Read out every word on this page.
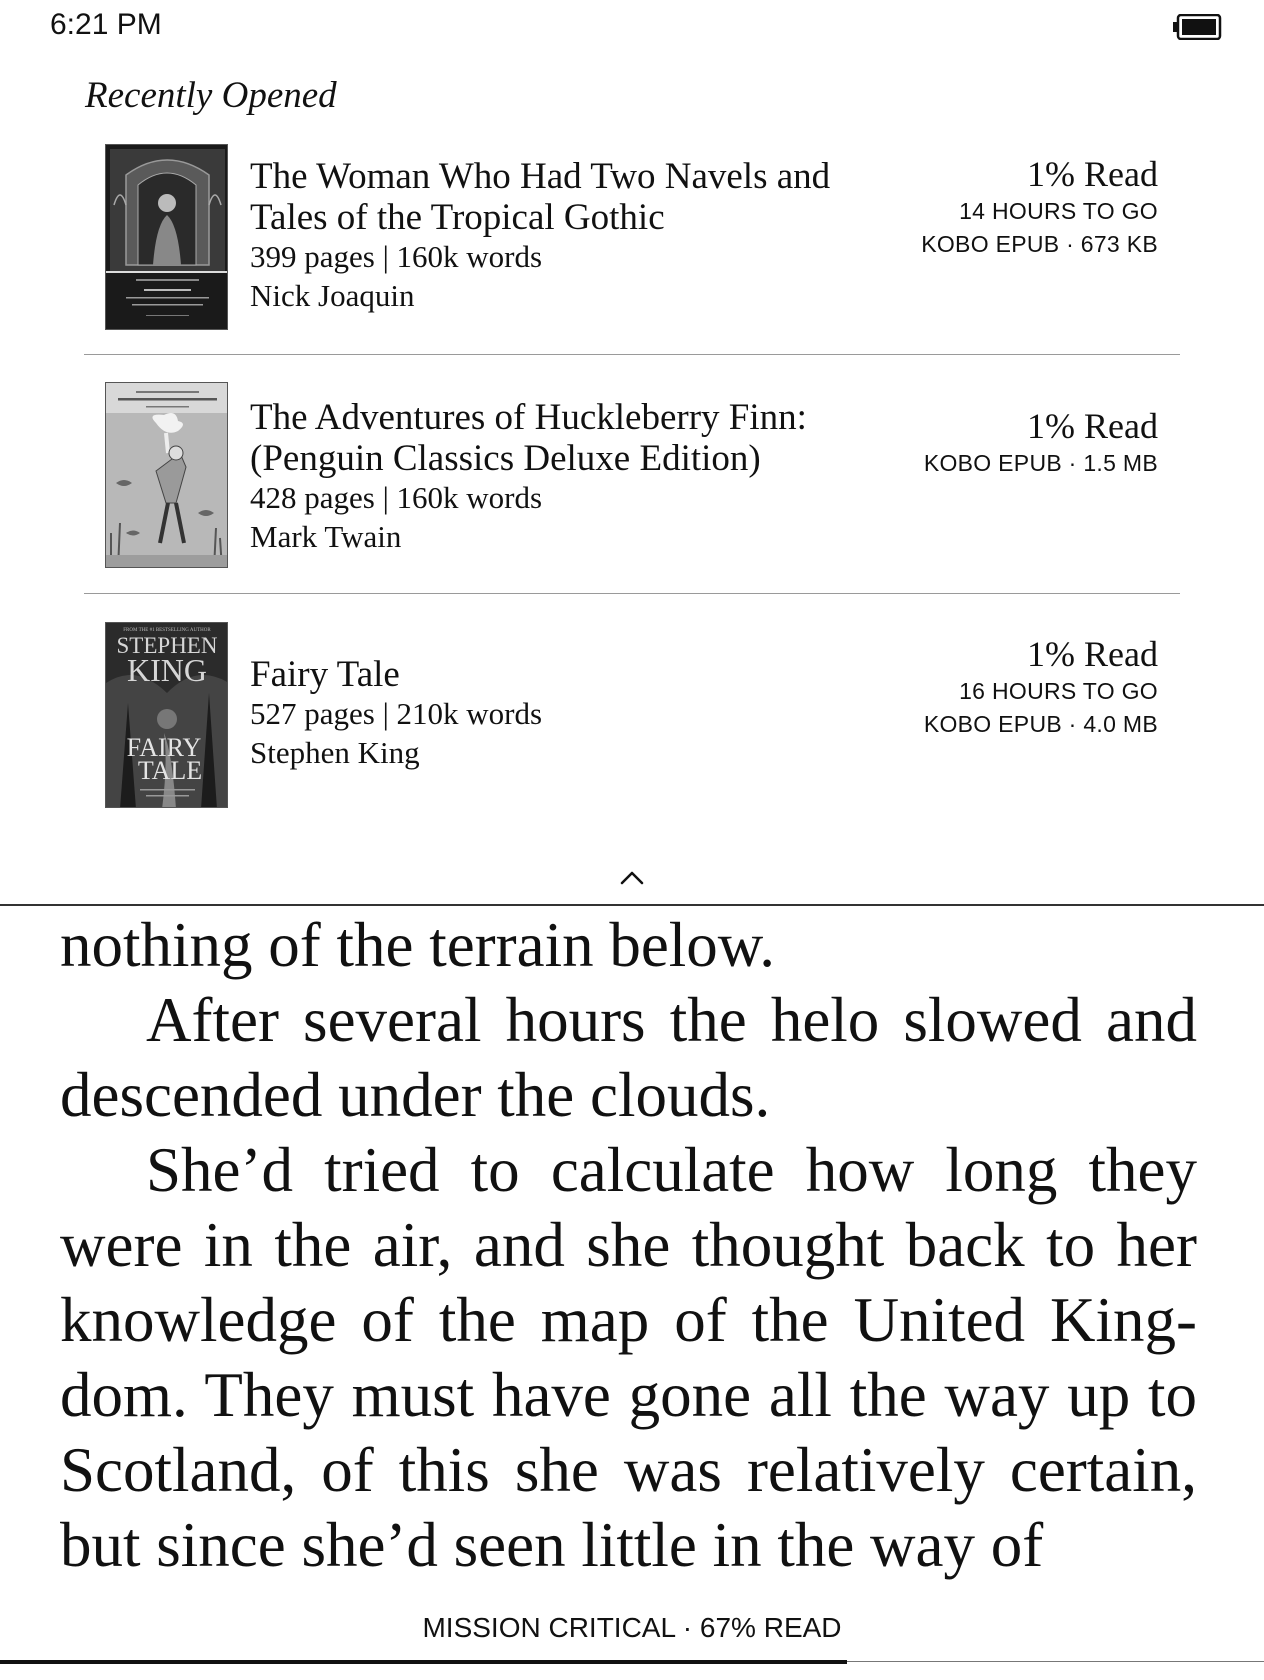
6:21 PM
Recently Opened
The Woman Who Had Two Navels and
Tales of the Tropical Gothic
399 pages | 160k words
Nick Joaquin
1% Read
14 HOURS TO GO
KOBO EPUB · 673 KB
The Adventures of Huckleberry Finn:
(Penguin Classics Deluxe Edition)
428 pages | 160k words
Mark Twain
1% Read
KOBO EPUB · 1.5 MB
FROM THE #1 BESTSELLING AUTHOR
STEPHEN
KING
FAIRY
TALE
Fairy Tale
527 pages | 210k words
Stephen King
1% Read
16 HOURS TO GO
KOBO EPUB · 4.0 MB

nothing of the terrain below.

After several hours the helo slowed and descended under the clouds.

She’d tried to calculate how long they were in the air, and she thought back to her knowledge of the map of the United King-dom. They must have gone all the way up to Scotland, of this she was relatively certain, but since she’d seen little in the way of

MISSION CRITICAL · 67% READ
